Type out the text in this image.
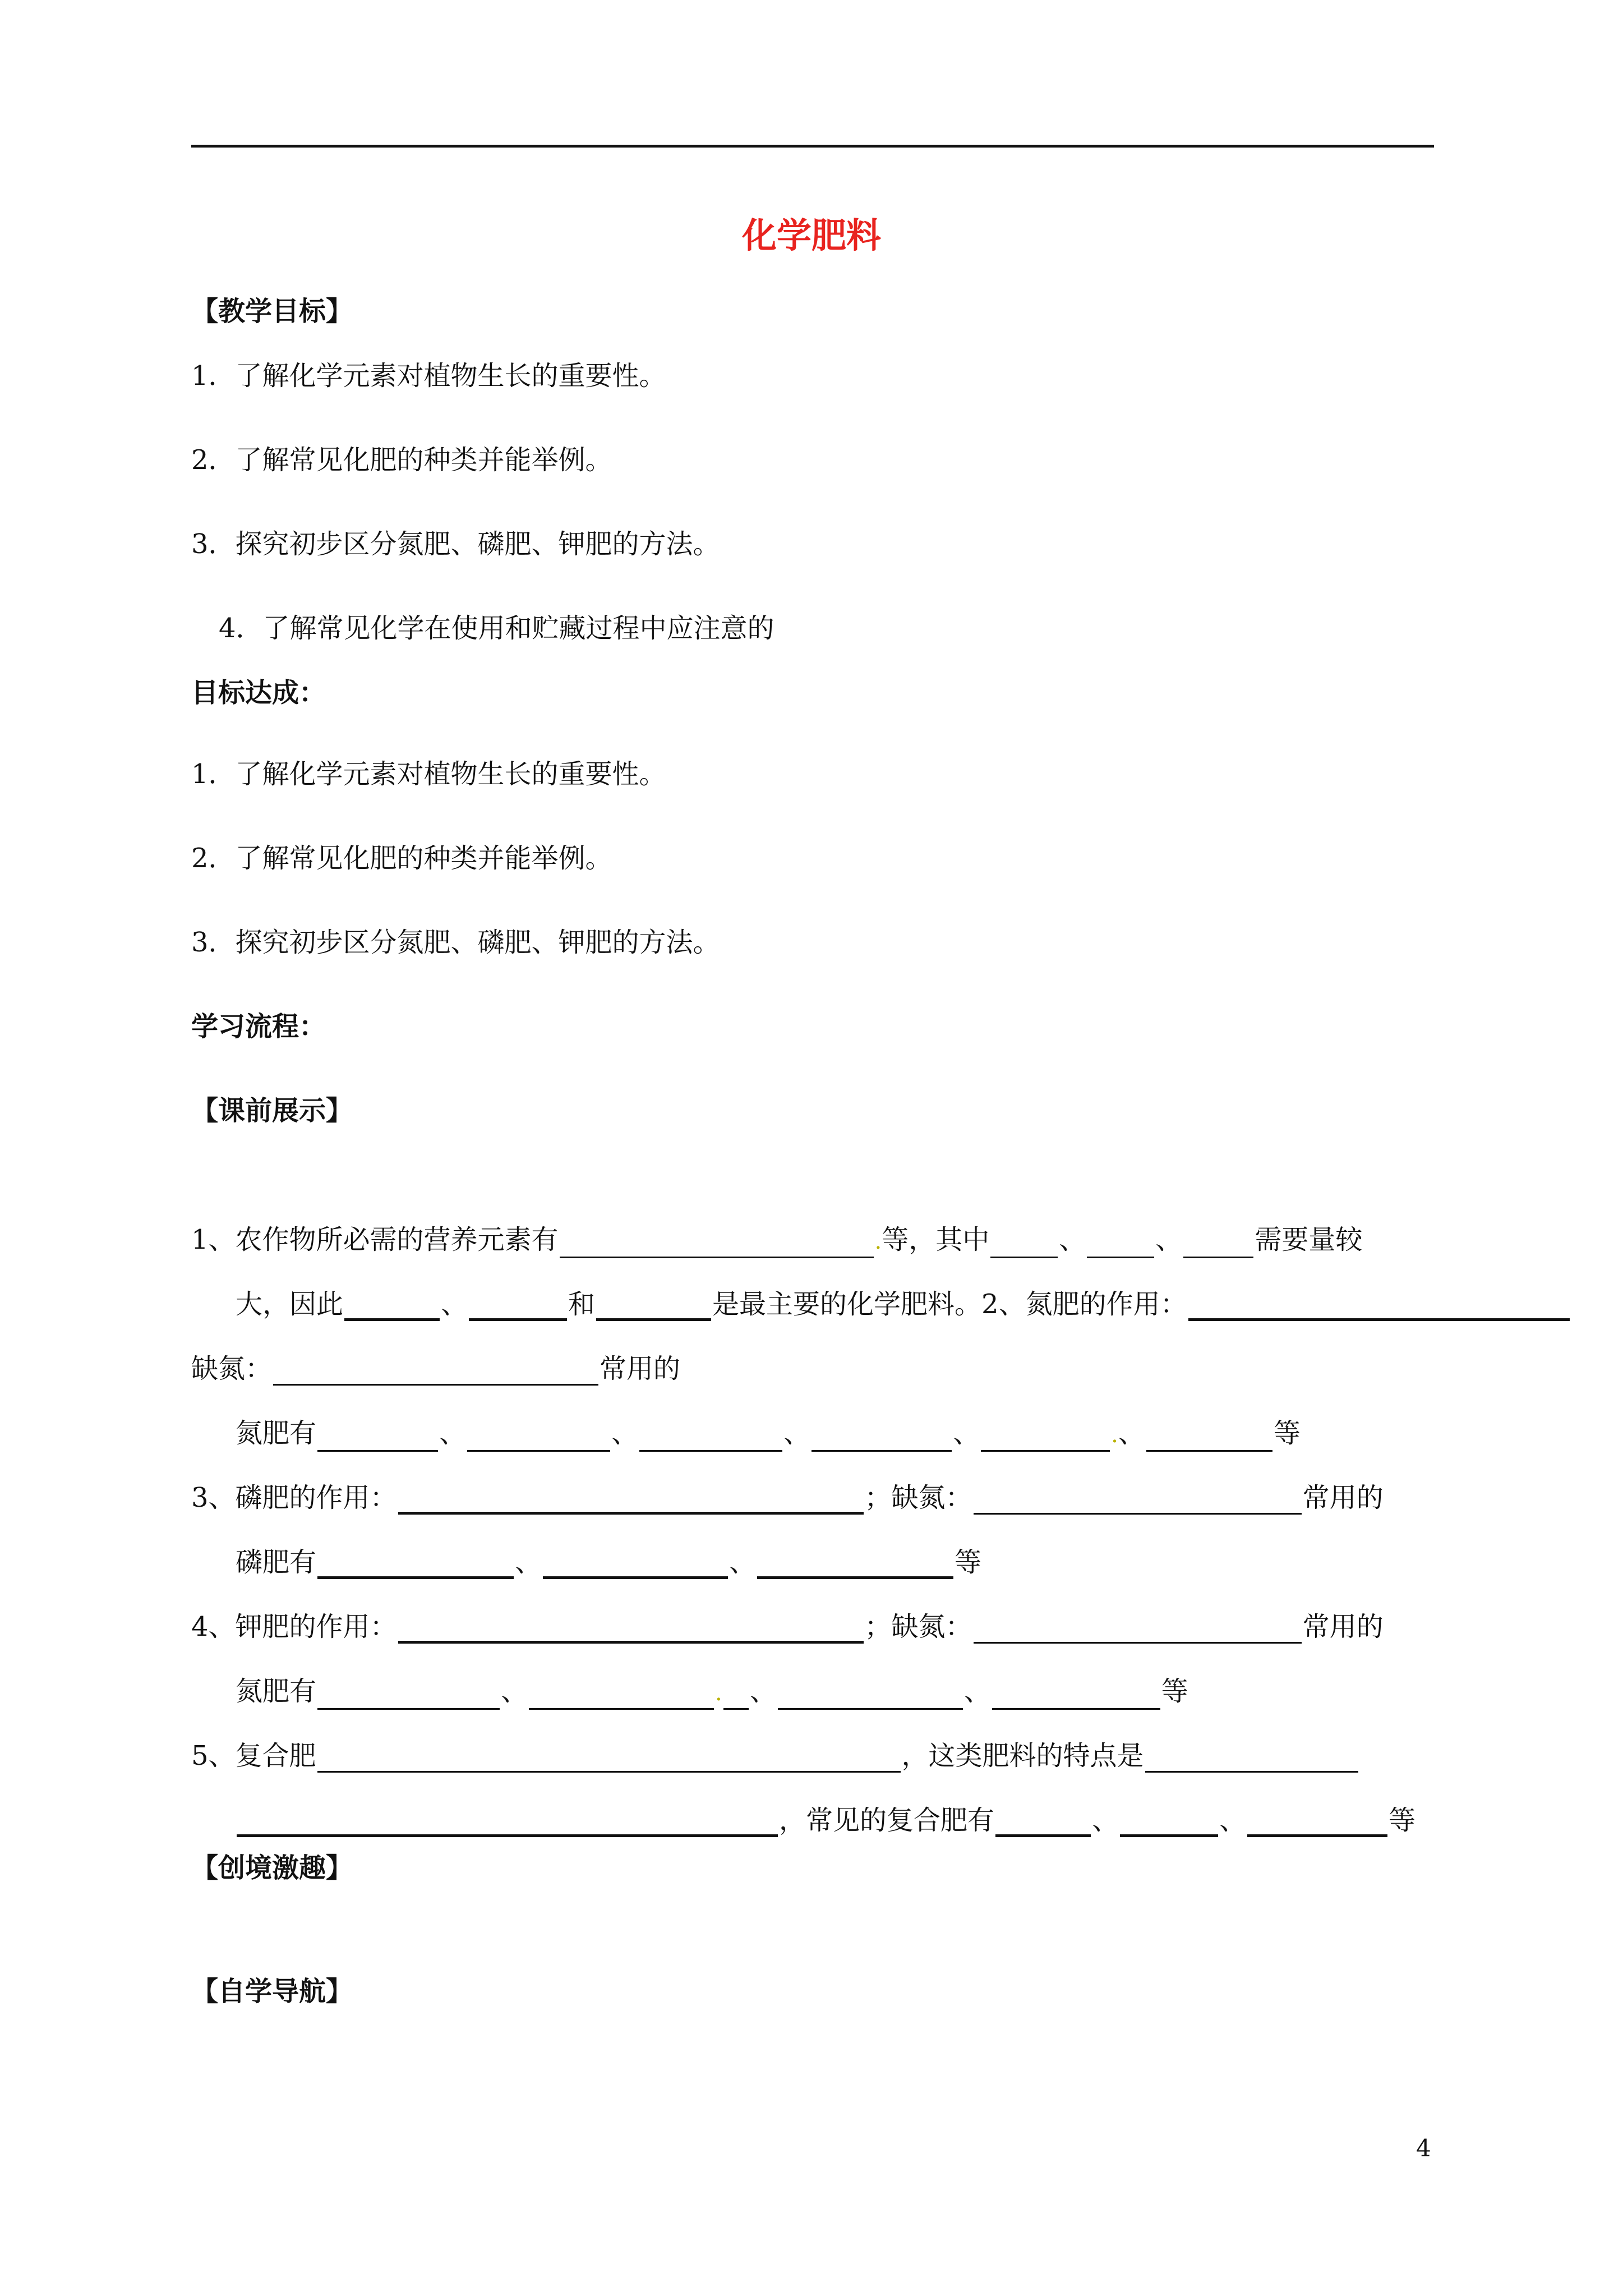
化学肥料
【教学目标】
1．了解化学元素对植物生长的重要性。
2．了解常见化肥的种类并能举例。
3．探究初步区分氮肥、磷肥、钾肥的方法。
4．了解常见化学在使用和贮藏过程中应注意的
目标达成：
1．了解化学元素对植物生长的重要性。
2．了解常见化肥的种类并能举例。
3．探究初步区分氮肥、磷肥、钾肥的方法。
学习流程：
【课前展示】
1、农作物所必需的营养元素有	.等，其中	、	、	需要量较
大，因此	、	和	是最主要的化学肥料。2、氮肥的作用：
缺氮：	常用的
氮肥有	、	、	、	、	.、	等
3、磷肥的作用：	；缺氮：	常用的
磷肥有	、	、	等
4、钾肥的作用：	；缺氮：	常用的
氮肥有	、	. 、	、	等
5、复合肥	，这类肥料的特点是
，常见的复合肥有	、	、	等
【创境激趣】
【自学导航】
4
